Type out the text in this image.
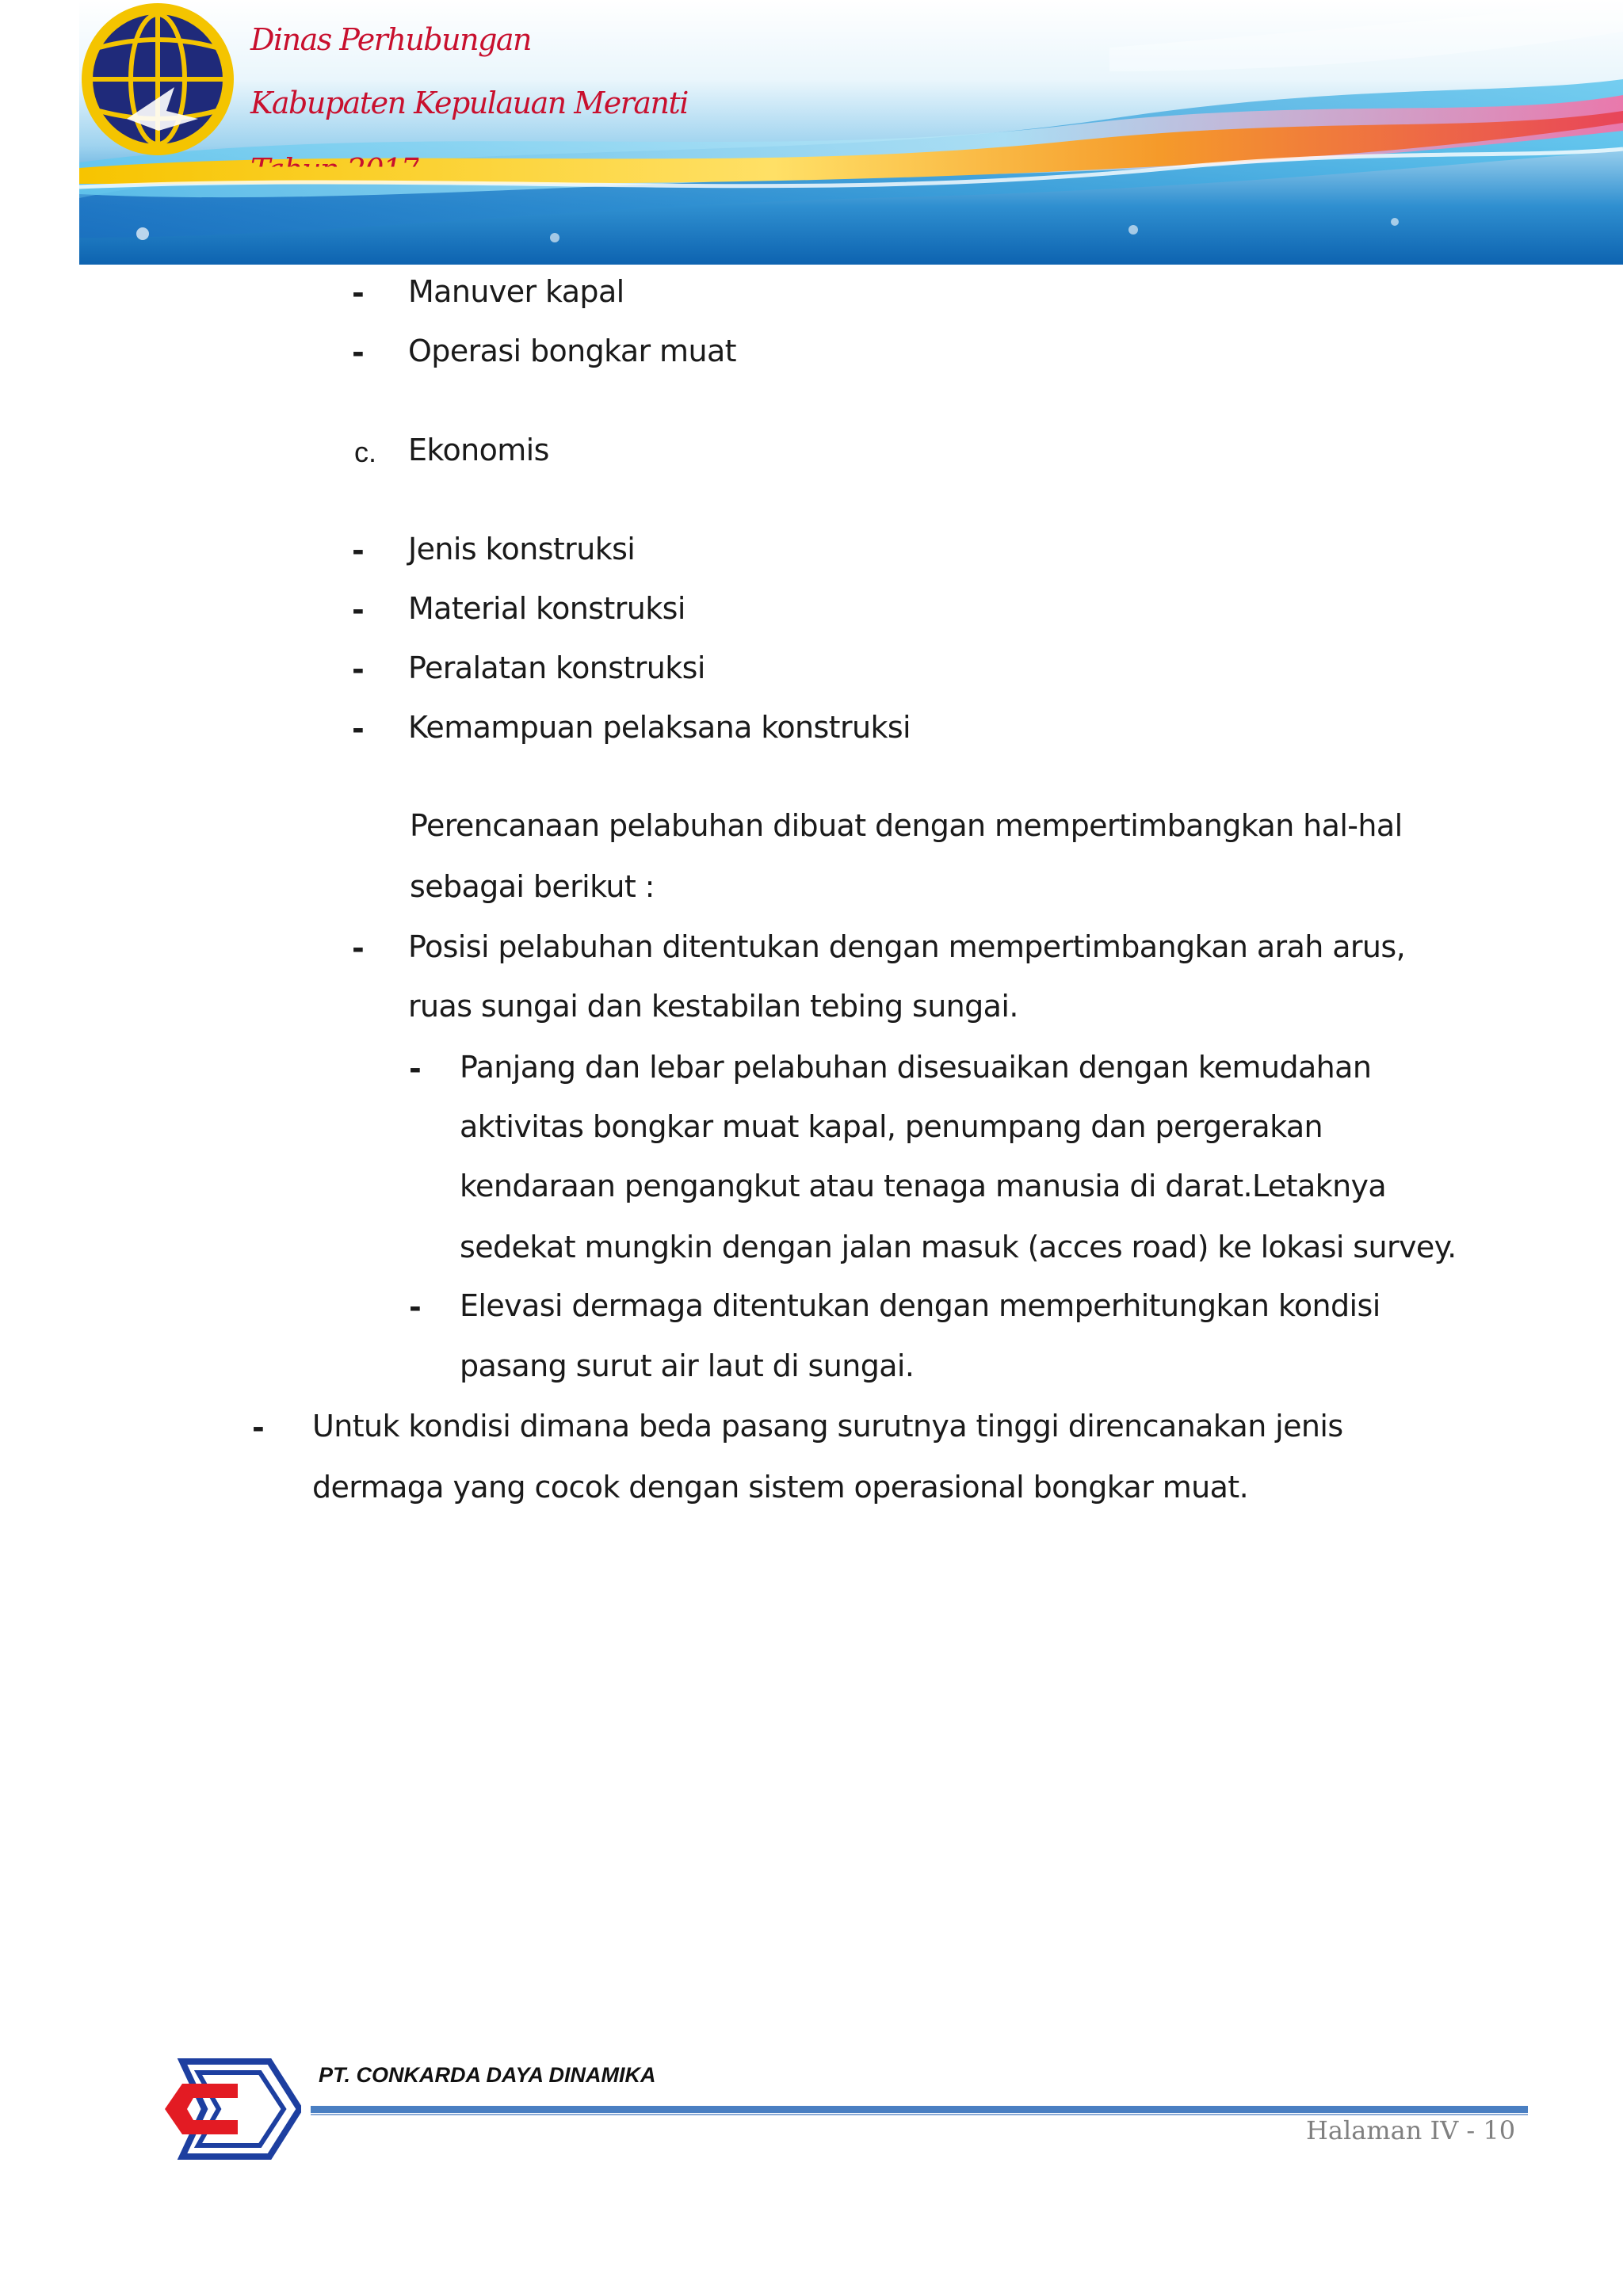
Dinas Perhubungan
Kabupaten Kepulauan Meranti
- Manuver kapal
- Operasi bongkar muat
c. Ekonomis
- Jenis konstruksi
- Material konstruksi
- Peralatan konstruksi
- Kemampuan pelaksana konstruksi
Perencanaan pelabuhan dibuat dengan mempertimbangkan hal-hal
sebagai berikut :
- Posisi pelabuhan ditentukan dengan mempertimbangkan arah arus,
ruas sungai dan kestabilan tebing sungai.
- Panjang dan lebar pelabuhan disesuaikan dengan kemudahan
aktivitas bongkar muat kapal, penumpang dan pergerakan
kendaraan pengangkut atau tenaga manusia di darat.Letaknya
sedekat mungkin dengan jalan masuk (acces road) ke lokasi survey.
- Elevasi dermaga ditentukan dengan memperhitungkan kondisi
pasang surut air laut di sungai.
- Untuk kondisi dimana beda pasang surutnya tinggi direncanakan jenis
dermaga yang cocok dengan sistem operasional bongkar muat.
PT. CONKARDA DAYA DINAMIKA
Halaman IV - 10
